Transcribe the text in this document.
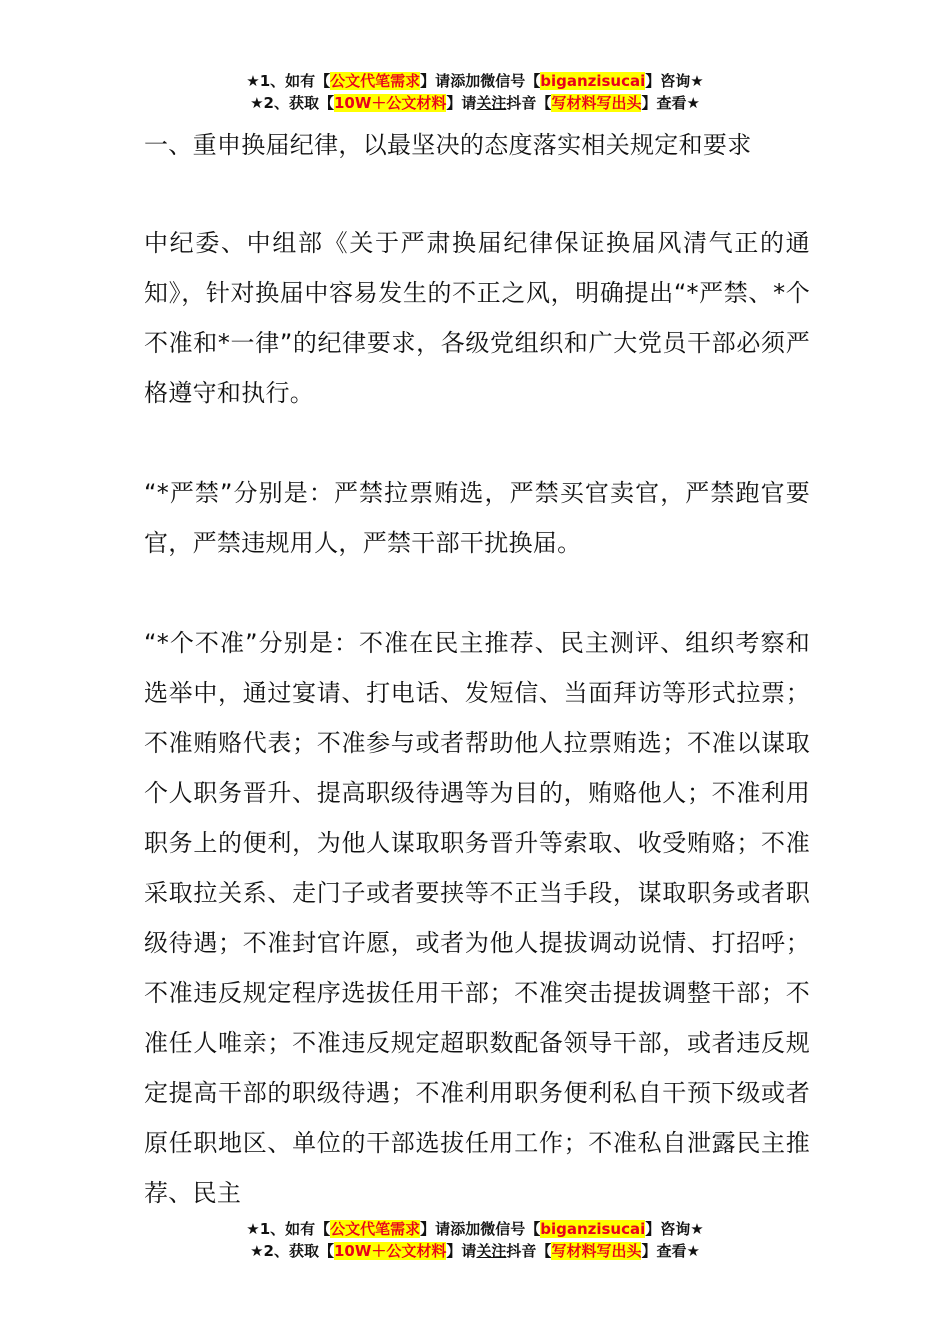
★1、如有【公文代笔需求】请添加微信号【biganzisucai】咨询★
★2、获取【10W＋公文材料】请关注抖音【写材料写出头】查看★

一、重申换届纪律，以最坚决的态度落实相关规定和要求

中纪委、中组部《关于严肃换届纪律保证换届风清气正的通知》，针对换届中容易发生的不正之风，明确提出“*严禁、*个不准和*一律”的纪律要求，各级党组织和广大党员干部必须严格遵守和执行。

“*严禁”分别是：严禁拉票贿选，严禁买官卖官，严禁跑官要官，严禁违规用人，严禁干部干扰换届。

“*个不准”分别是：不准在民主推荐、民主测评、组织考察和选举中，通过宴请、打电话、发短信、当面拜访等形式拉票；不准贿赂代表；不准参与或者帮助他人拉票贿选；不准以谋取个人职务晋升、提高职级待遇等为目的，贿赂他人；不准利用职务上的便利，为他人谋取职务晋升等索取、收受贿赂；不准采取拉关系、走门子或者要挟等不正当手段，谋取职务或者职级待遇；不准封官许愿，或者为他人提拔调动说情、打招呼；不准违反规定程序选拔任用干部；不准突击提拔调整干部；不准任人唯亲；不准违反规定超职数配备领导干部，或者违反规定提高干部的职级待遇；不准利用职务便利私自干预下级或者原任职地区、单位的干部选拔任用工作；不准私自泄露民主推荐、民主

★1、如有【公文代笔需求】请添加微信号【biganzisucai】咨询★
★2、获取【10W＋公文材料】请关注抖音【写材料写出头】查看★
